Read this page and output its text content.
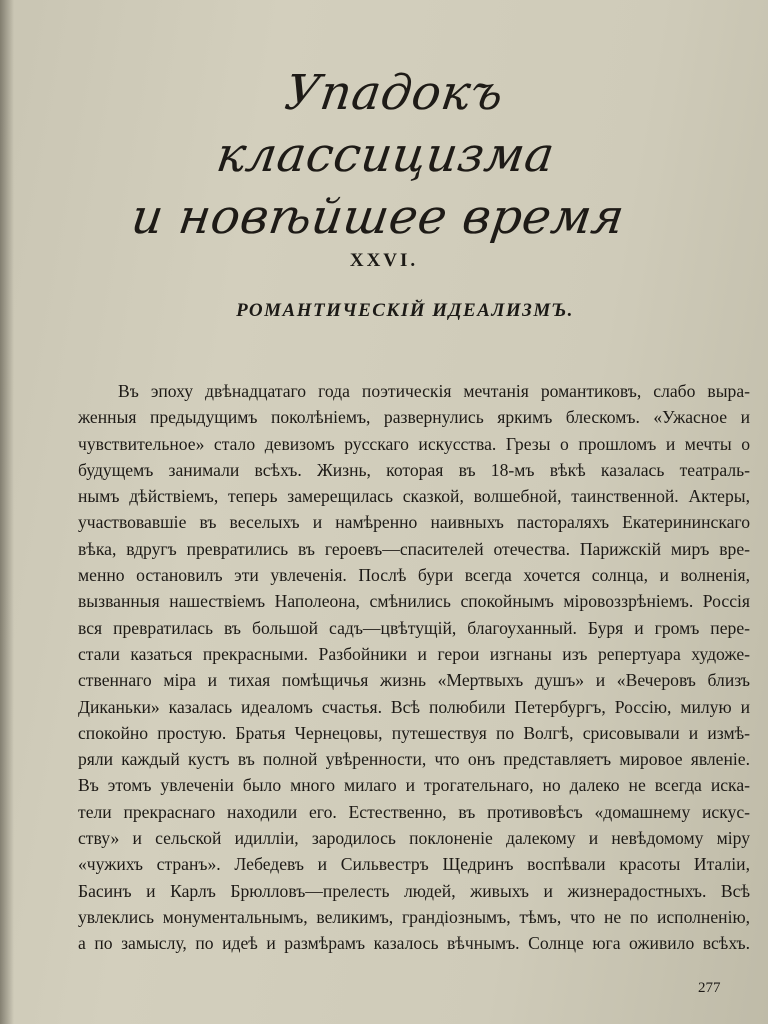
Упадокъ классицизма
и новѣйшее время
XXVI.
РОМАНТИЧЕСКІЙ ИДЕАЛИЗМЪ.
Въ эпоху двѣнадцатаго года поэтическія мечтанія романтиковъ, слабо выра-
женныя предыдущимъ поколѣніемъ, развернулись яркимъ блескомъ. «Ужасное и
чувствительное» стало девизомъ русскаго искусства. Грезы о прошломъ и мечты о
будущемъ занимали всѣхъ. Жизнь, которая въ 18-мъ вѣкѣ казалась театраль-
нымъ дѣйствіемъ, теперь замерещилась сказкой, волшебной, таинственной. Актеры,
участвовавшіе въ веселыхъ и намѣренно наивныхъ пастораляхъ Екатерининскаго
вѣка, вдругъ превратились въ героевъ—спасителей отечества. Парижскій миръ вре-
менно остановилъ эти увлеченія. Послѣ бури всегда хочется солнца, и волненія,
вызванныя нашествіемъ Наполеона, смѣнились спокойнымъ міровоззрѣніемъ. Россія
вся превратилась въ большой садъ—цвѣтущій, благоуханный. Буря и громъ пере-
стали казаться прекрасными. Разбойники и герои изгнаны изъ репертуара художе-
ственнаго міра и тихая помѣщичья жизнь «Мертвыхъ душъ» и «Вечеровъ близъ
Диканьки» казалась идеаломъ счастья. Всѣ полюбили Петербургъ, Россію, милую и
спокойно простую. Братья Чернецовы, путешествуя по Волгѣ, срисовывали и измѣ-
ряли каждый кустъ въ полной увѣренности, что онъ представляетъ мировое явленіе.
Въ этомъ увлеченіи было много милаго и трогательнаго, но далеко не всегда иска-
тели прекраснаго находили его. Естественно, въ противовѣсъ «домашнему искус-
ству» и сельской идилліи, зародилось поклоненіе далекому и невѣдомому міру
«чужихъ странъ». Лебедевъ и Сильвестръ Щедринъ воспѣвали красоты Италіи,
Басинъ и Карлъ Брюлловъ—прелесть людей, живыхъ и жизнерадостныхъ. Всѣ
увлеклись монументальнымъ, великимъ, грандіознымъ, тѣмъ, что не по исполненію,
а по замыслу, по идеѣ и размѣрамъ казалось вѣчнымъ. Солнце юга оживило всѣхъ.
277
